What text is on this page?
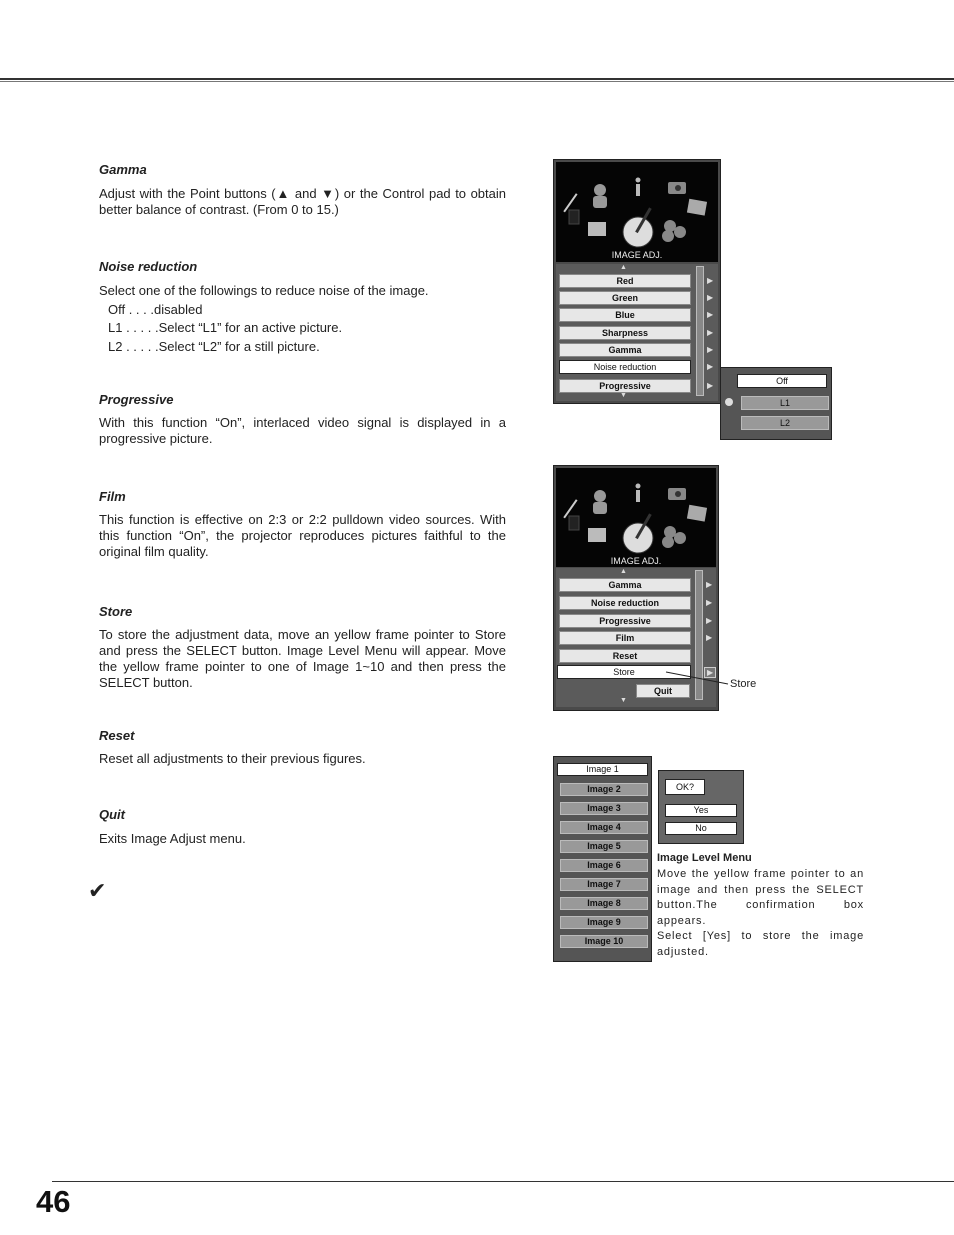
Gamma
Adjust with the Point buttons (▲ and ▼) or the Control pad to obtain better balance of contrast. (From 0 to 15.)
Noise reduction
Select one of the followings to reduce noise of the image.
Off . . . .disabled
L1 . . . . .Select “L1” for an active picture.
L2 . . . . .Select “L2” for a still picture.
Progressive
With this function “On”, interlaced video signal is displayed in a progressive picture.
Film
This function is effective on 2:3 or 2:2 pulldown video sources. With this function “On”, the projector reproduces pictures faithful to the original film quality.
Store
To store the adjustment data, move an yellow frame pointer to Store and press the SELECT button. Image Level Menu will appear. Move the yellow frame pointer to one of Image 1~10 and then press the SELECT button.
Reset
Reset all adjustments to their previous figures.
Quit
Exits Image Adjust menu.
✔
IMAGE ADJ.
▲
Red
Green
Blue
Sharpness
Gamma
Noise reduction
Progressive
▼
▶
▶
▶
▶
▶
▶
▶	Off
L1
L2
IMAGE ADJ.
▲
Gamma
Noise reduction
Progressive
Film
Reset
Store
Quit
▼
▶
▶
▶
▶
▶
Store
Image 1
Image 2
Image 3
Image 4
Image 5
Image 6
Image 7
Image 8
Image 9
Image 10
OK?
Yes
No
Image Level Menu
Move the yellow frame pointer to an image and then press the SELECT button.The confirmation box appears.
Select [Yes] to store the image adjusted.
46
